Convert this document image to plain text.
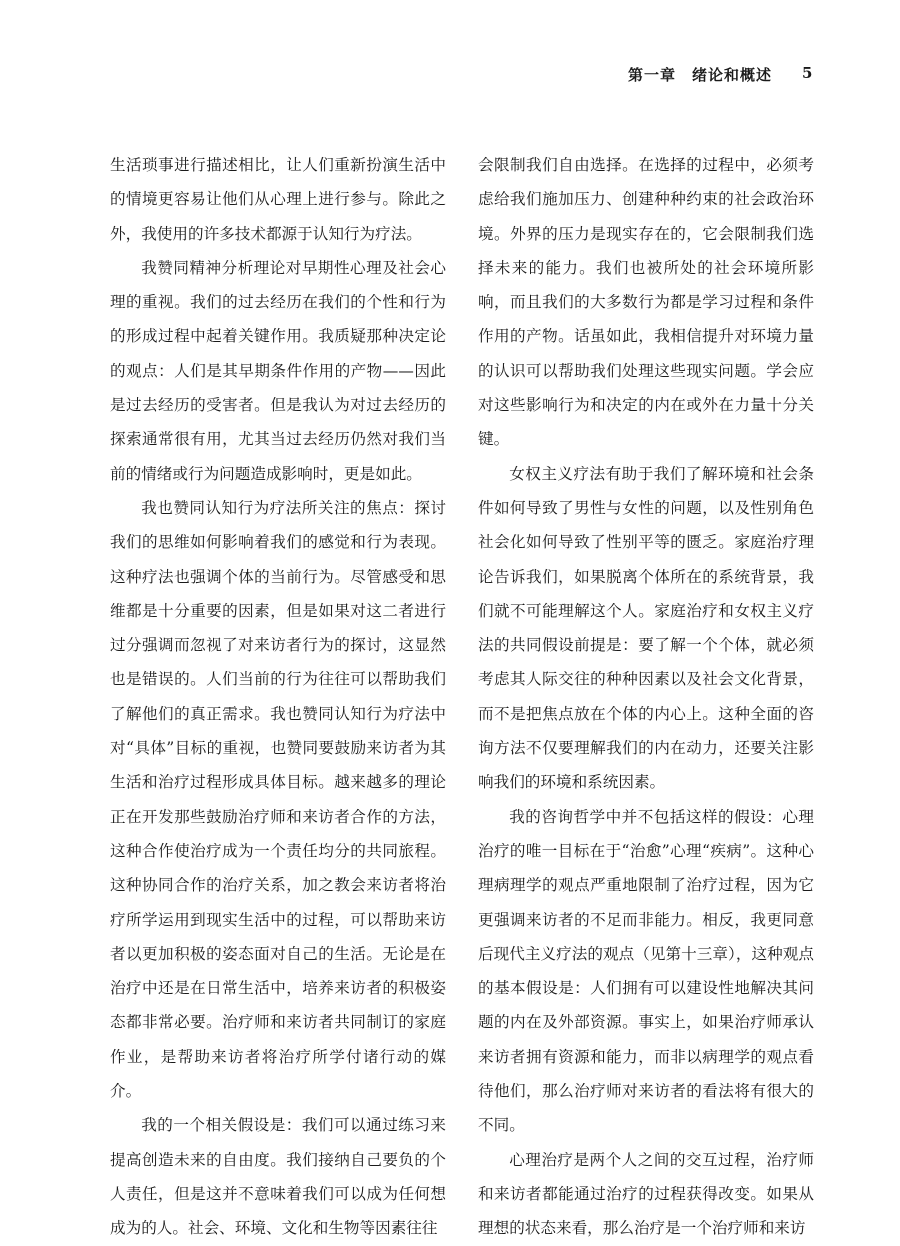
第一章　绪论和概述 5

生活琐事进行描述相比，让人们重新扮演生活中的情境更容易让他们从心理上进行参与。除此之外，我使用的许多技术都源于认知行为疗法。

我赞同精神分析理论对早期性心理及社会心理的重视。我们的过去经历在我们的个性和行为的形成过程中起着关键作用。我质疑那种决定论的观点：人们是其早期条件作用的产物——因此是过去经历的受害者。但是我认为对过去经历的探索通常很有用，尤其当过去经历仍然对我们当前的情绪或行为问题造成影响时，更是如此。

我也赞同认知行为疗法所关注的焦点：探讨我们的思维如何影响着我们的感觉和行为表现。这种疗法也强调个体的当前行为。尽管感受和思维都是十分重要的因素，但是如果对这二者进行过分强调而忽视了对来访者行为的探讨，这显然也是错误的。人们当前的行为往往可以帮助我们了解他们的真正需求。我也赞同认知行为疗法中对“具体”目标的重视，也赞同要鼓励来访者为其生活和治疗过程形成具体目标。越来越多的理论正在开发那些鼓励治疗师和来访者合作的方法，这种合作使治疗成为一个责任均分的共同旅程。这种协同合作的治疗关系，加之教会来访者将治疗所学运用到现实生活中的过程，可以帮助来访者以更加积极的姿态面对自己的生活。无论是在治疗中还是在日常生活中，培养来访者的积极姿态都非常必要。治疗师和来访者共同制订的家庭作业，是帮助来访者将治疗所学付诸行动的媒介。

我的一个相关假设是：我们可以通过练习来提高创造未来的自由度。我们接纳自己要负的个人责任，但是这并不意味着我们可以成为任何想成为的人。社会、环境、文化和生物等因素往往

会限制我们自由选择。在选择的过程中，必须考虑给我们施加压力、创建种种约束的社会政治环境。外界的压力是现实存在的，它会限制我们选择未来的能力。我们也被所处的社会环境所影响，而且我们的大多数行为都是学习过程和条件作用的产物。话虽如此，我相信提升对环境力量的认识可以帮助我们处理这些现实问题。学会应对这些影响行为和决定的内在或外在力量十分关键。

女权主义疗法有助于我们了解环境和社会条件如何导致了男性与女性的问题，以及性别角色社会化如何导致了性别平等的匮乏。家庭治疗理论告诉我们，如果脱离个体所在的系统背景，我们就不可能理解这个人。家庭治疗和女权主义疗法的共同假设前提是：要了解一个个体，就必须考虑其人际交往的种种因素以及社会文化背景，而不是把焦点放在个体的内心上。这种全面的咨询方法不仅要理解我们的内在动力，还要关注影响我们的环境和系统因素。

我的咨询哲学中并不包括这样的假设：心理治疗的唯一目标在于“治愈”心理“疾病”。这种心理病理学的观点严重地限制了治疗过程，因为它更强调来访者的不足而非能力。相反，我更同意后现代主义疗法的观点（见第十三章），这种观点的基本假设是：人们拥有可以建设性地解决其问题的内在及外部资源。事实上，如果治疗师承认来访者拥有资源和能力，而非以病理学的观点看待他们，那么治疗师对来访者的看法将有很大的不同。

心理治疗是两个人之间的交互过程，治疗师和来访者都能通过治疗的过程获得改变。如果从理想的状态来看，那么治疗是一个治疗师和来访
